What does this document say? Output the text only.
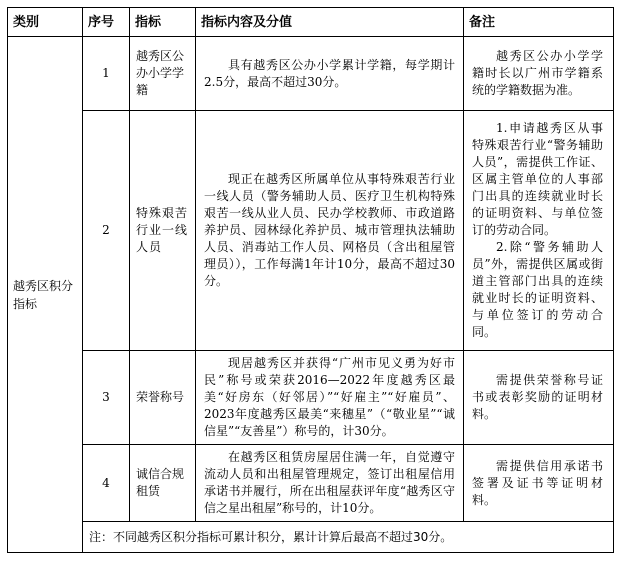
类别	序号	指标	指标内容及分值	备注
越秀区积分指标	1	越秀区公办小学学籍	具有越秀区公办小学累计学籍，每学期计2.5分，最高不超过30分。	越秀区公办小学学籍时长以广州市学籍系统的学籍数据为准。

	2	特殊艰苦行业一线人员	现正在越秀区所属单位从事特殊艰苦行业一线人员（警务辅助人员、医疗卫生机构特殊艰苦一线从业人员、民办学校教师、市政道路养护员、园林绿化养护员、城市管理执法辅助人员、消毒站工作人员、网格员（含出租屋管理员）），工作每满1年计10分，最高不超过30分。	1.申请越秀区从事特殊艰苦行业“警务辅助人员”，需提供工作证、区属主管单位的人事部门出具的连续就业时长的证明资料、与单位签订的劳动合同。

2.除“警务辅助人员”外，需提供区属或街道主管部门出具的连续就业时长的证明资料、与单位签订的劳动合同。

	3	荣誉称号	现居越秀区并获得“广州市见义勇为好市民”称号或荣获2016—2022年度越秀区最美“好房东（好邻居）”“好雇主”“好雇员”、2023年度越秀区最美“来穗星”（“敬业星”“诚信星”“友善星”）称号的，计30分。	需提供荣誉称号证书或表彰奖励的证明材料。

	4	诚信合规租赁	在越秀区租赁房屋居住满一年，自觉遵守流动人员和出租屋管理规定，签订出租屋信用承诺书并履行，所在出租屋获评年度“越秀区守信之星出租屋”称号的，计10分。	需提供信用承诺书签署及证书等证明材料。

	注：不同越秀区积分指标可累计积分，累计计算后最高不超过30分。			
